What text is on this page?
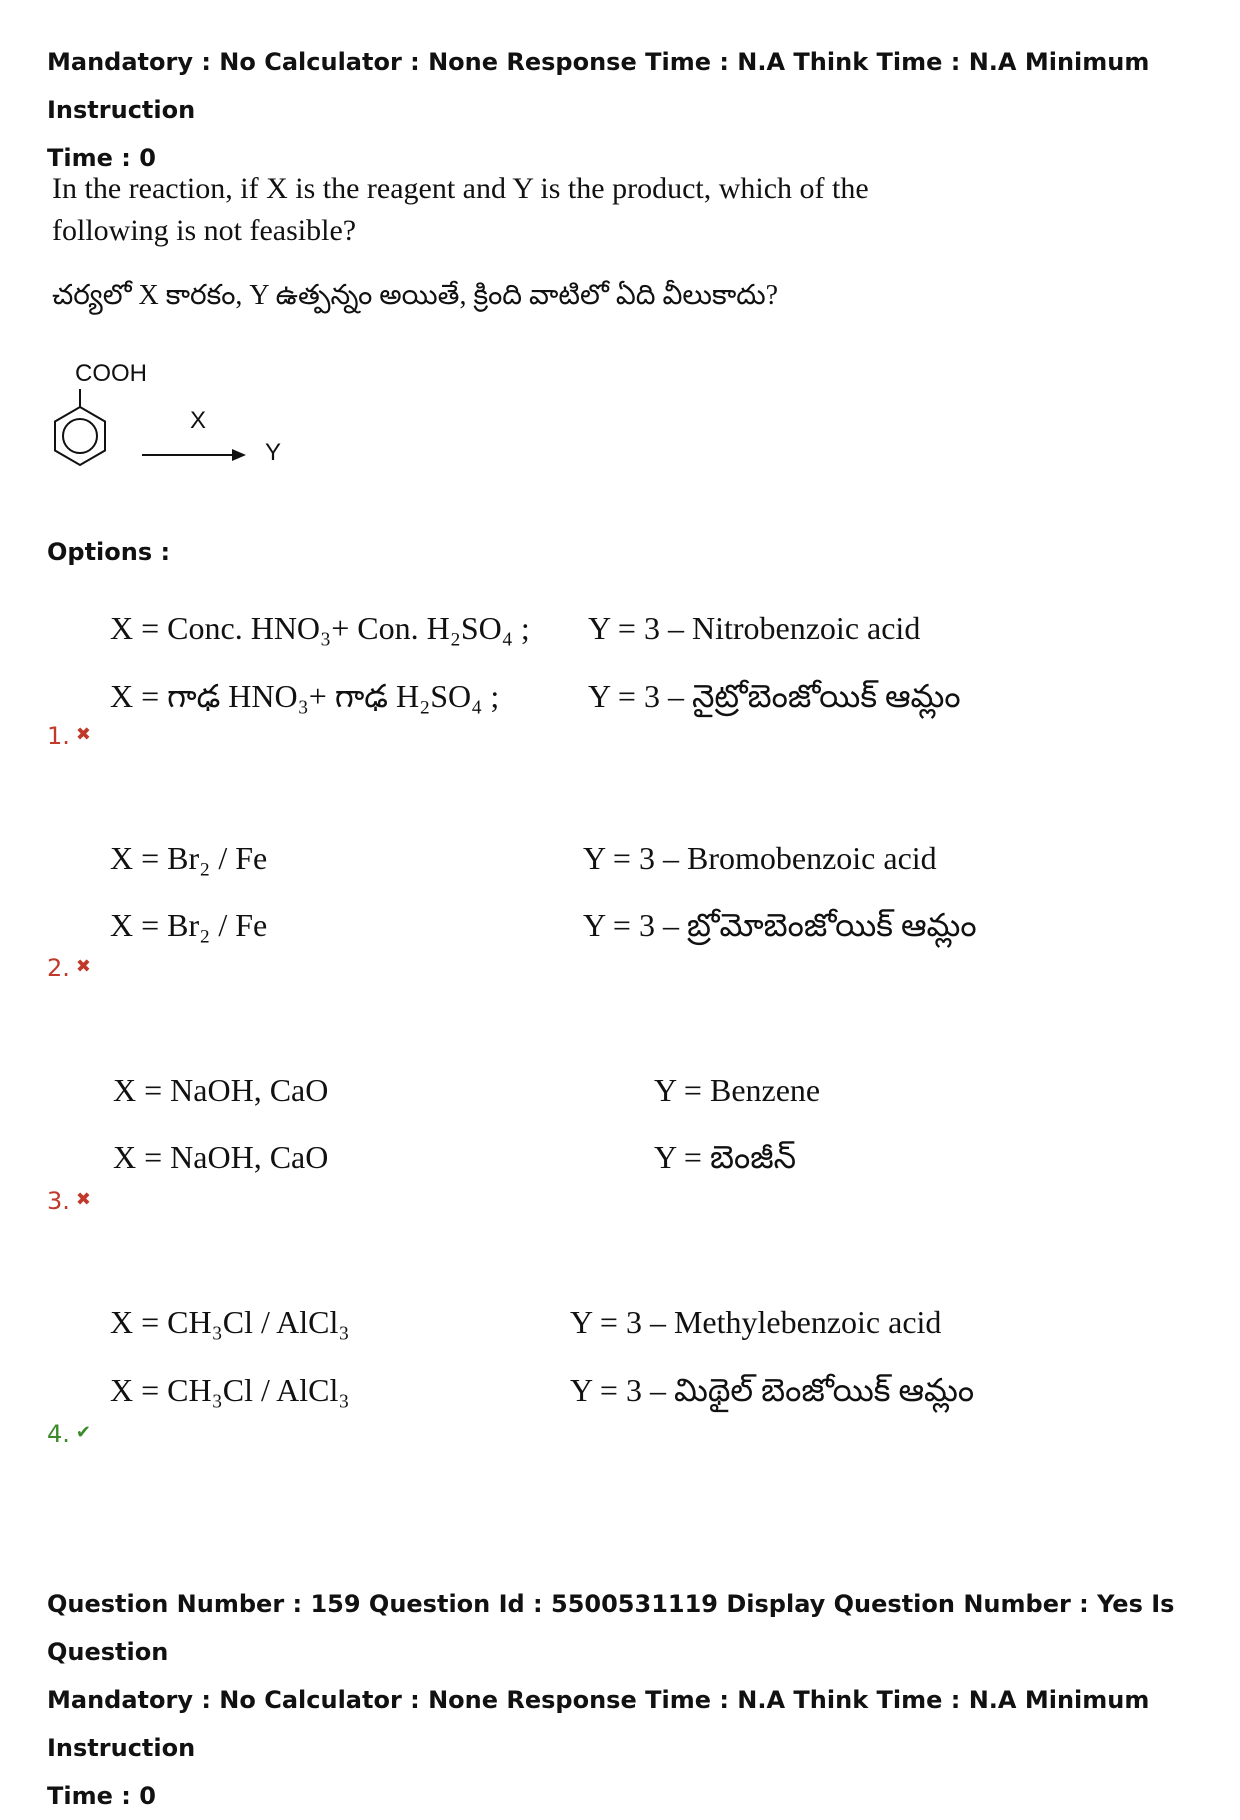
Mandatory : No Calculator : None Response Time : N.A Think Time : N.A Minimum Instruction
Time : 0
In the reaction, if X is the reagent and Y is the product, which of the following is not feasible?
చర్యలో X కారకం, Y ఉత్పన్నం అయితే, క్రింది వాటిలో ఏది వీలుకాదు?
COOH
X
Y
Options :
X = Conc. HNO₃+ Con. H₂SO₄ ; Y = 3 – Nitrobenzoic acid
X = గాఢ HNO₃+ గాఢ H₂SO₄ ;	Y = 3 – నైట్రోబెంజోయిక్ ఆమ్లం
1. ✖
X = Br₂ / Fe	Y = 3 – Bromobenzoic acid
X = Br₂ / Fe	Y = 3 – బ్రోమోబెంజోయిక్ ఆమ్లం
2. ✖
X = NaOH, CaO	Y = Benzene
X = NaOH, CaO	Y = బెంజీన్
3. ✖
X = CH₃Cl / AlCl₃	Y = 3 – Methylebenzoic acid
X = CH₃Cl / AlCl₃	Y = 3 – మిథైల్ బెంజోయిక్ ఆమ్లం
4. ✔
Question Number : 159 Question Id : 5500531119 Display Question Number : Yes Is Question
Mandatory : No Calculator : None Response Time : N.A Think Time : N.A Minimum Instruction
Time : 0
